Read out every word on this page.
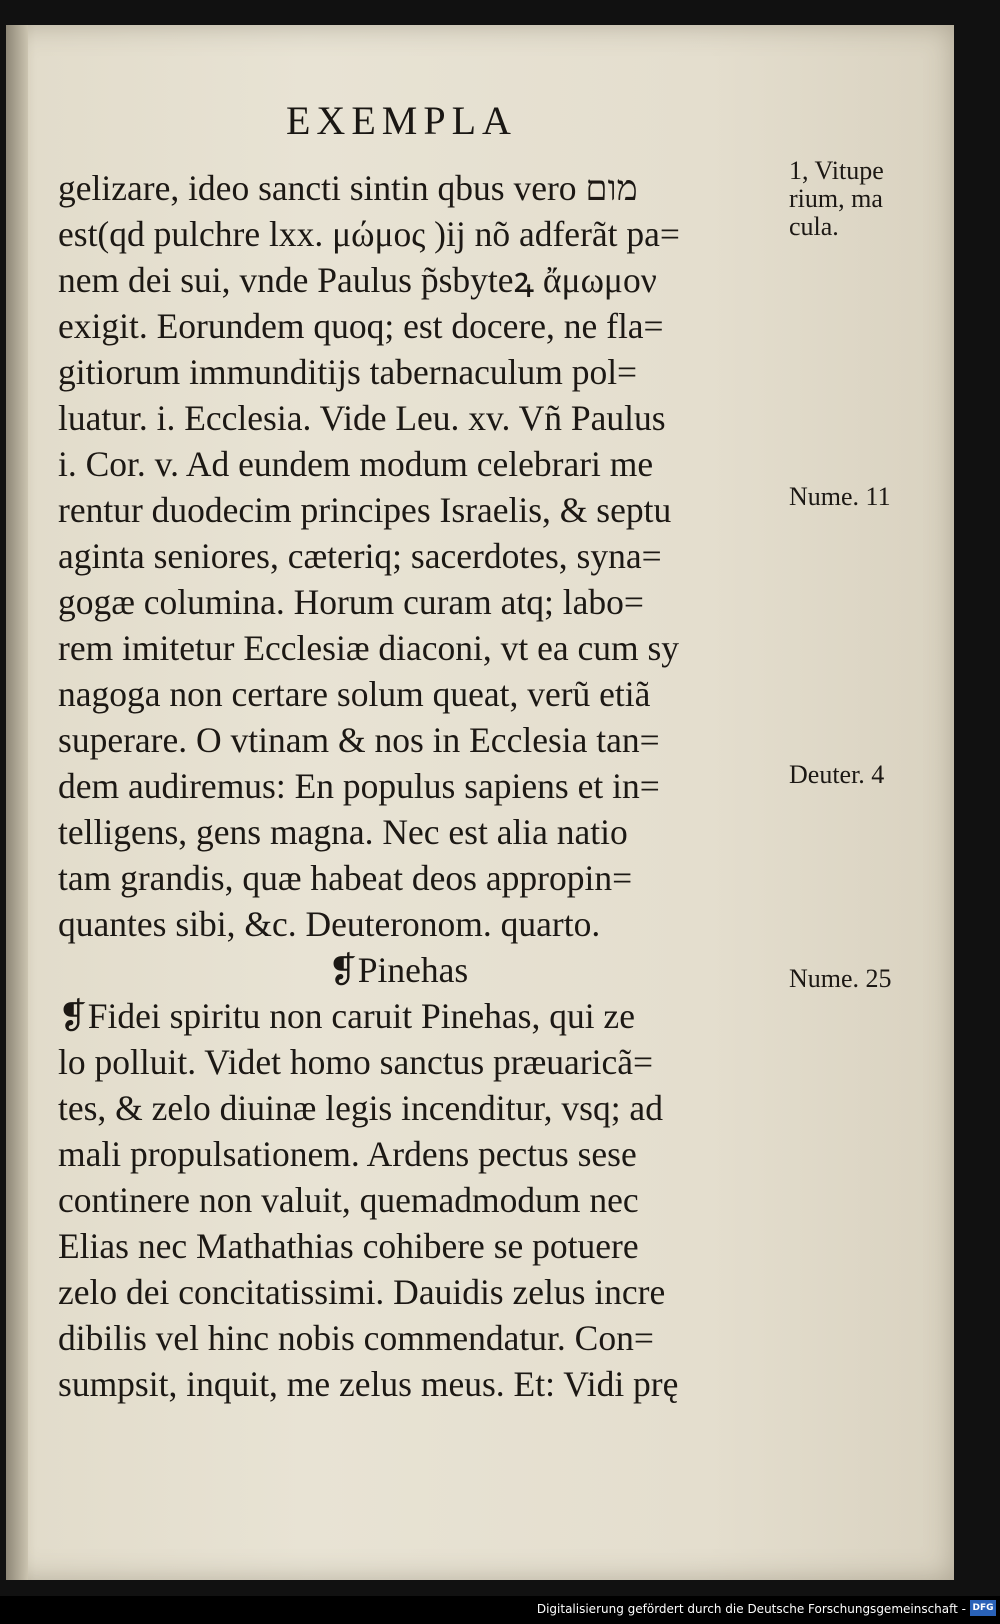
EXEMPLA
gelizare, ideo sancti sintin qbus vero מום
est(qd pulchre lxx. μώμος )ij nõ adferãt pa=
nem dei sui, vnde Paulus p̃sbyteꝝ ἄμωμον
exigit. Eorundem quoq; est docere, ne fla=
gitiorum immunditijs tabernaculum pol=
luatur. i. Ecclesia. Vide Leu. xv. Vñ Paulus
i. Cor. v. Ad eundem modum celebrari me
rentur duodecim principes Israelis, & septu
aginta seniores, cæteriq; sacerdotes, syna=
gogæ columina. Horum curam atq; labo=
rem imitetur Ecclesiæ diaconi, vt ea cum sy
nagoga non certare solum queat, verũ etiã
superare. O vtinam & nos in Ecclesia tan=
dem audiremus: En populus sapiens et in=
telligens, gens magna. Nec est alia natio
tam grandis, quæ habeat deos appropin=
quantes sibi, &c. Deuteronom. quarto.
❡Pinehas
❡Fidei spiritu non caruit Pinehas, qui ze
lo polluit. Videt homo sanctus præuaricã=
tes, & zelo diuinæ legis incenditur, vsq; ad
mali propulsationem. Ardens pectus sese
continere non valuit, quemadmodum nec
Elias nec Mathathias cohibere se potuere
zelo dei concitatissimi. Dauidis zelus incre
dibilis vel hinc nobis commendatur. Con=
sumpsit, inquit, me zelus meus. Et: Vidi prę
1, Vitupe
rium, ma
cula.
Nume. 11
Deuter. 4
Nume. 25
Digitalisierung gefördert durch die Deutsche Forschungsgemeinschaft - DFG
